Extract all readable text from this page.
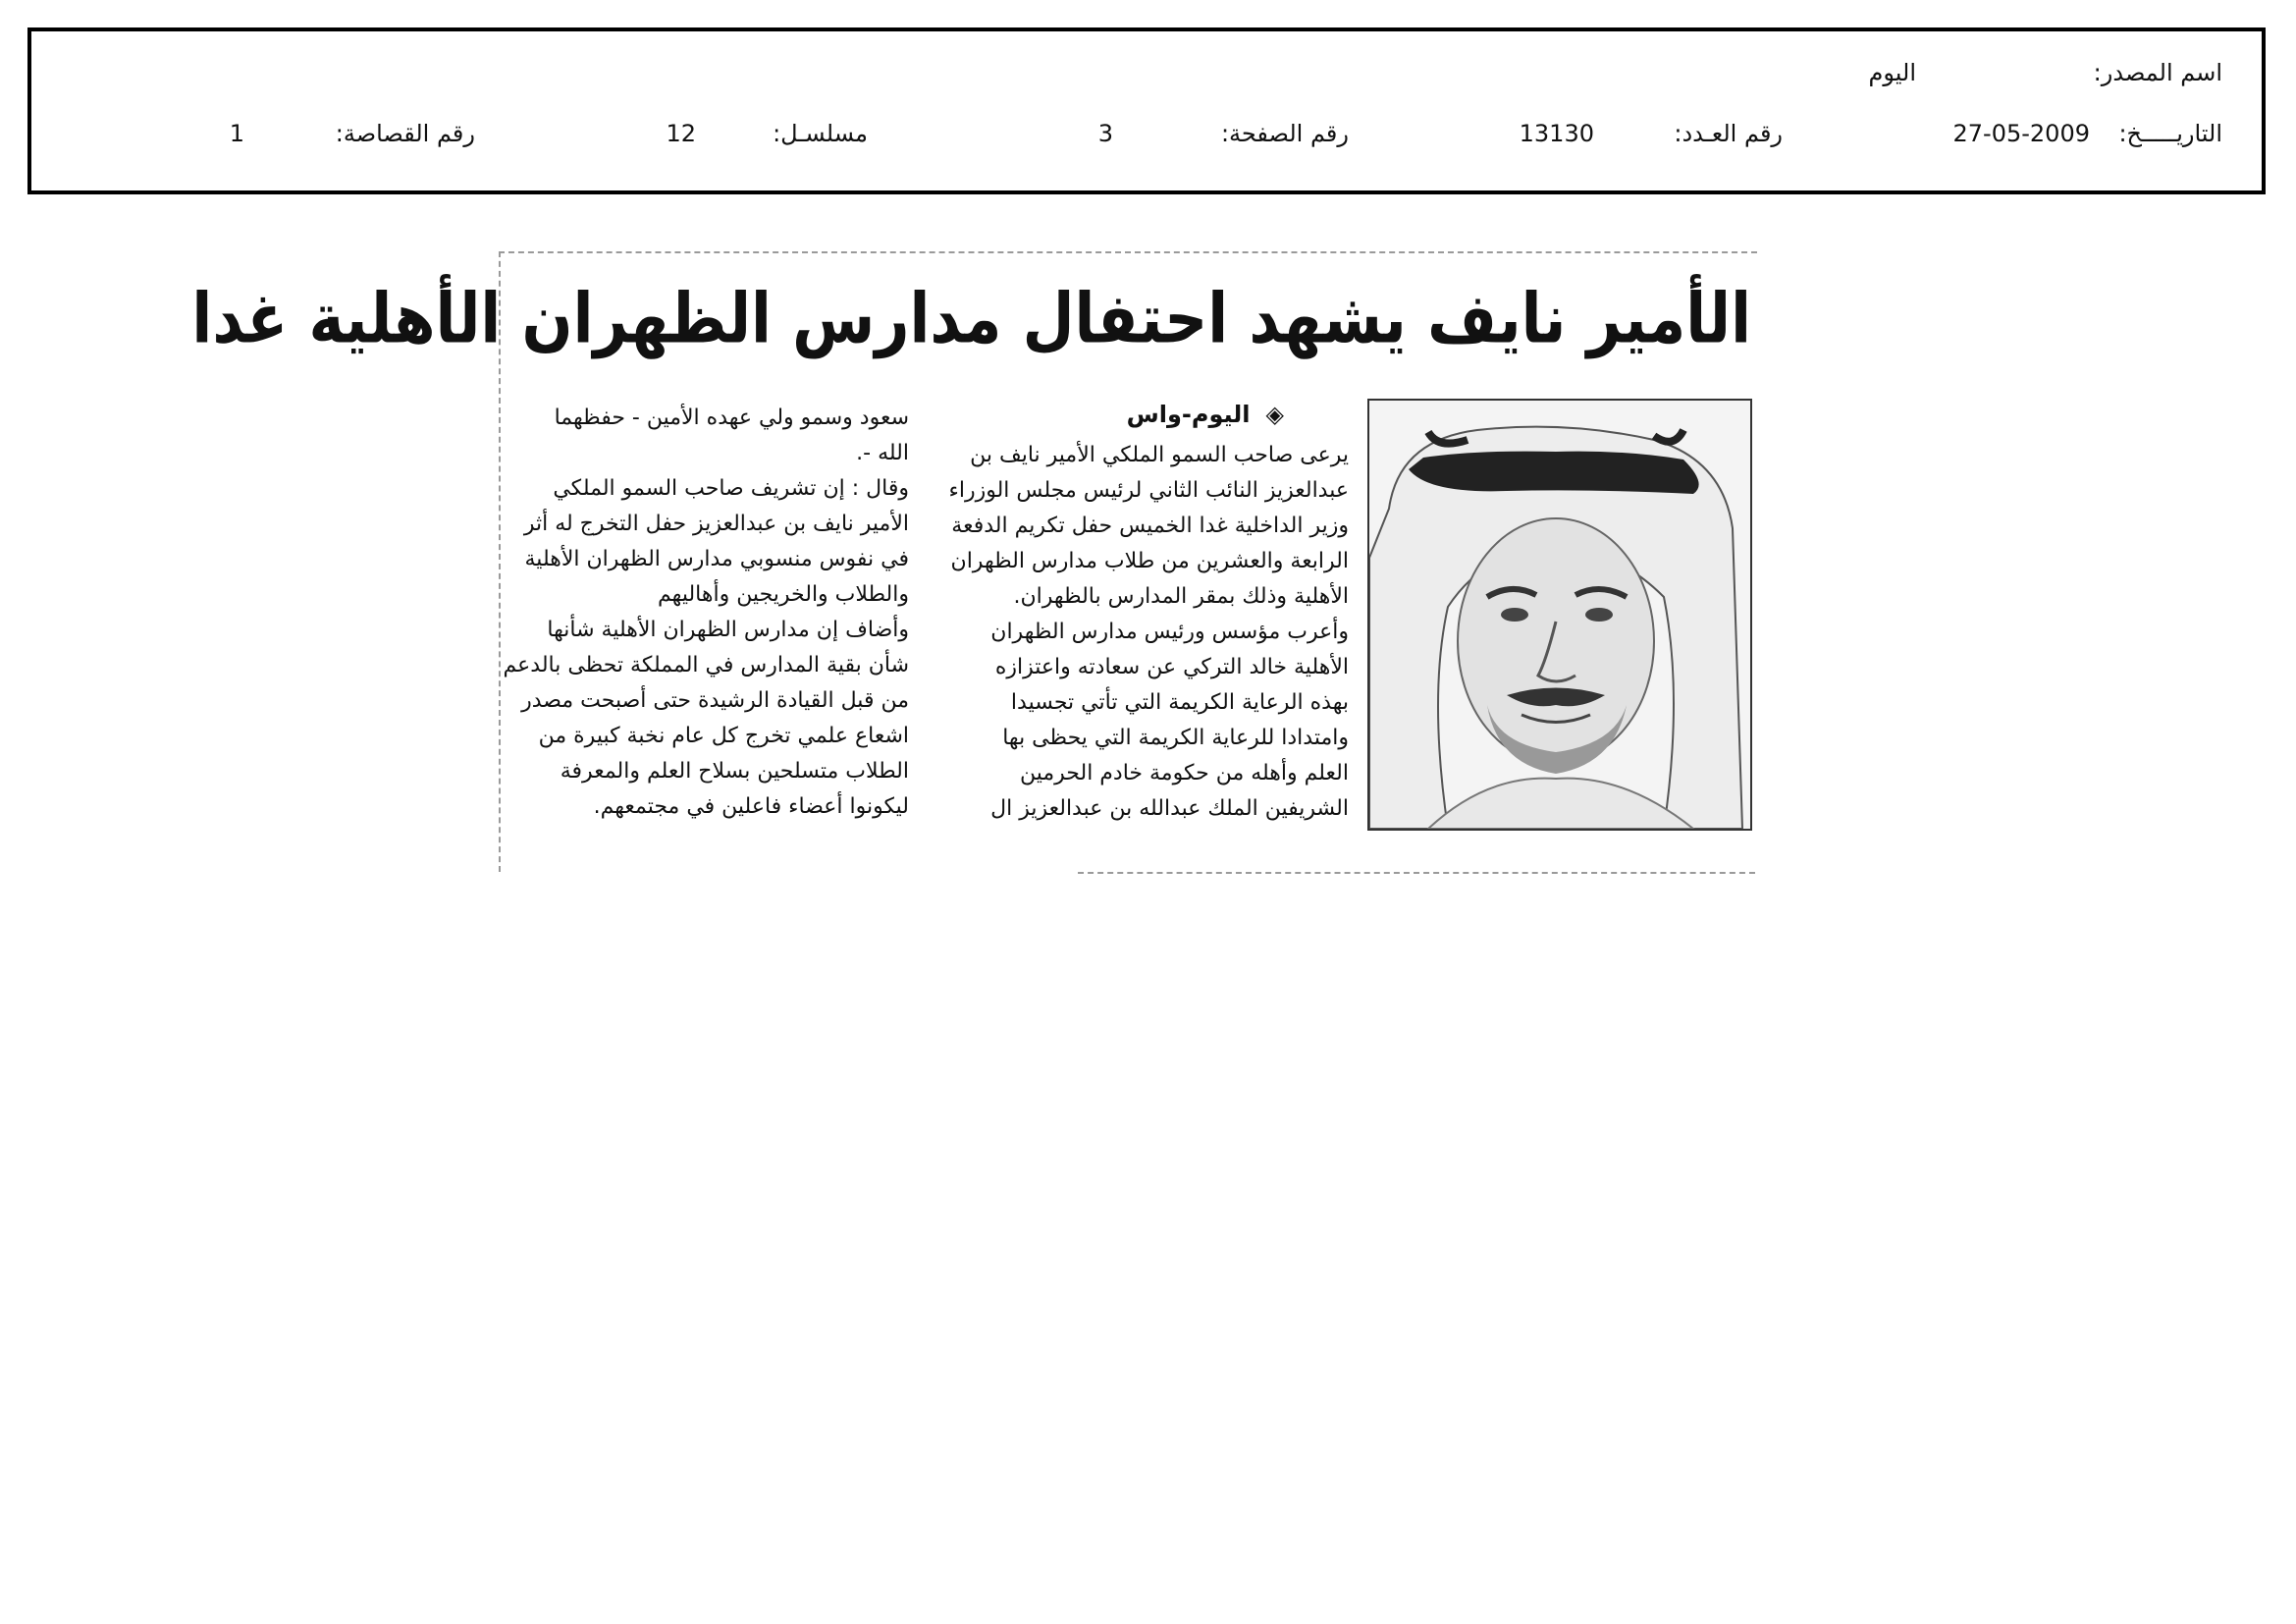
اسم المصدر:
اليوم
التاريـــــخ:
27-05-2009
رقم العـدد:
13130
رقم الصفحة:
3
مسلسـل:
12
رقم القصاصة:
1
الأمير نايف يشهد احتفال مدارس الظهران الأهلية غدا
◈اليوم-واس

يرعى صاحب السمو الملكي الأمير نايف بن

عبدالعزيز النائب الثاني لرئيس مجلس الوزراء

وزير الداخلية غدا الخميس حفل تكريم الدفعة

الرابعة والعشرين من طلاب مدارس الظهران

الأهلية وذلك بمقر المدارس بالظهران.

وأعرب مؤسس ورئيس مدارس الظهران

الأهلية خالد التركي عن سعادته واعتزازه

بهذه الرعاية الكريمة التي تأتي تجسيدا

وامتدادا للرعاية الكريمة التي يحظى بها

العلم وأهله من حكومة خادم الحرمين

الشريفين الملك عبدالله بن عبدالعزيز ال

سعود وسمو ولي عهده الأمين - حفظهما

الله -.

وقال : إن تشريف صاحب السمو الملكي

الأمير نايف بن عبدالعزيز حفل التخرج له أثر

في نفوس منسوبي مدارس الظهران الأهلية

والطلاب والخريجين وأهاليهم

وأضاف إن مدارس الظهران الأهلية شأنها

شأن بقية المدارس في المملكة تحظى بالدعم

من قبل القيادة الرشيدة حتى أصبحت مصدر

اشعاع علمي تخرج كل عام نخبة كبيرة من

الطلاب متسلحين بسلاح العلم والمعرفة

ليكونوا أعضاء فاعلين في مجتمعهم.
